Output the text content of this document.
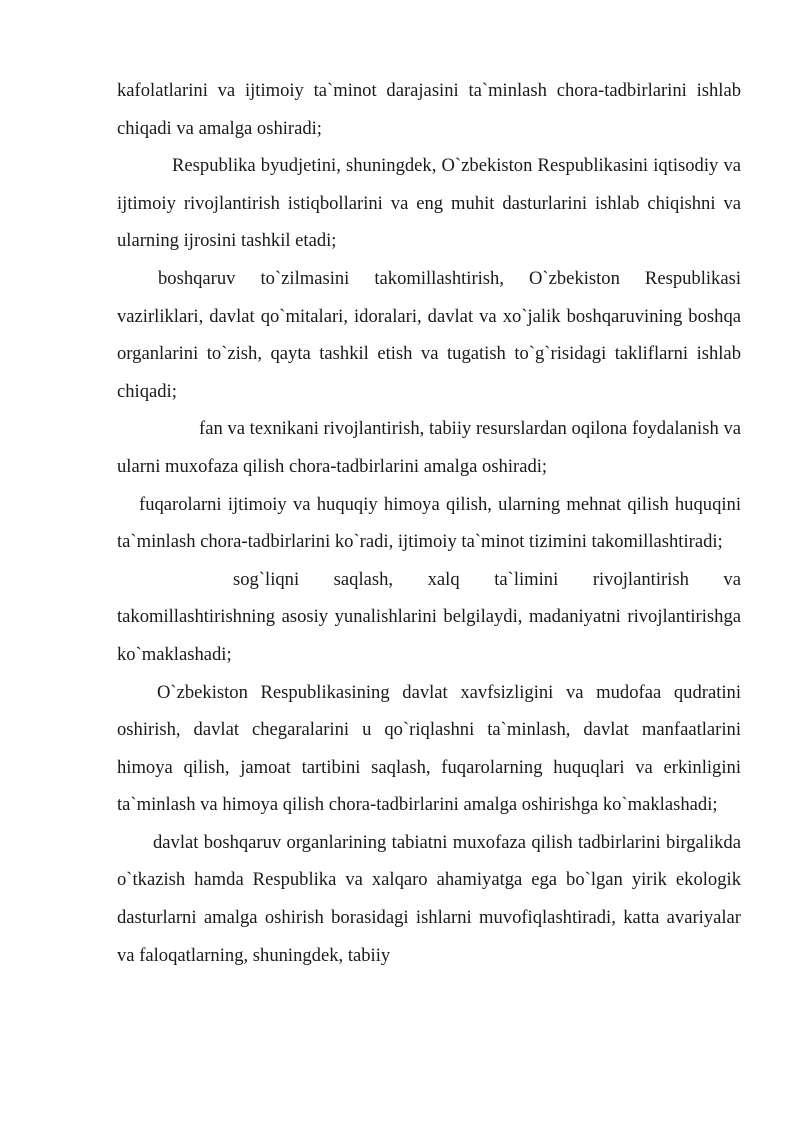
kafolatlarini va ijtimoiy ta`minot darajasini ta`minlash chora-tadbirlarini ishlab chiqadi va amalga oshiradi;

Respublika byudjetini, shuningdek, O`zbekiston Respublikasini iqtisodiy va ijtimoiy rivojlantirish istiqbollarini va eng muhit dasturlarini ishlab chiqishni va ularning ijrosini tashkil etadi;

boshqaruv to`zilmasini takomillashtirish, O`zbekiston Respublikasi vazirliklari, davlat qo`mitalari, idoralari, davlat va xo`jalik boshqaruvining boshqa organlarini to`zish, qayta tashkil etish va tugatish to`g`risidagi takliflarni ishlab chiqadi;

fan va texnikani rivojlantirish, tabiiy resurslardan oqilona foydalanish va ularni muxofaza qilish chora-tadbirlarini amalga oshiradi;

fuqarolarni ijtimoiy va huquqiy himoya qilish, ularning mehnat qilish huquqini ta`minlash chora-tadbirlarini ko`radi, ijtimoiy ta`minot tizimini takomillashtiradi;

sog`liqni saqlash, xalq ta`limini rivojlantirish va takomillashtirishning asosiy yunalishlarini belgilaydi, madaniyatni rivojlantirishga ko`maklashadi;

O`zbekiston Respublikasining davlat xavfsizligini va mudofaa qudratini oshirish, davlat chegaralarini u qo`riqlashni ta`minlash, davlat manfaatlarini himoya qilish, jamoat tartibini saqlash, fuqarolarning huquqlari va erkinligini ta`minlash va himoya qilish chora-tadbirlarini amalga oshirishga ko`maklashadi;

davlat boshqaruv organlarining tabiatni muxofaza qilish tadbirlarini birgalikda o`tkazish hamda Respublika va xalqaro ahamiyatga ega bo`lgan yirik ekologik dasturlarni amalga oshirish borasidagi ishlarni muvofiqlashtiradi, katta avariyalar va faloqatlarning, shuningdek, tabiiy
